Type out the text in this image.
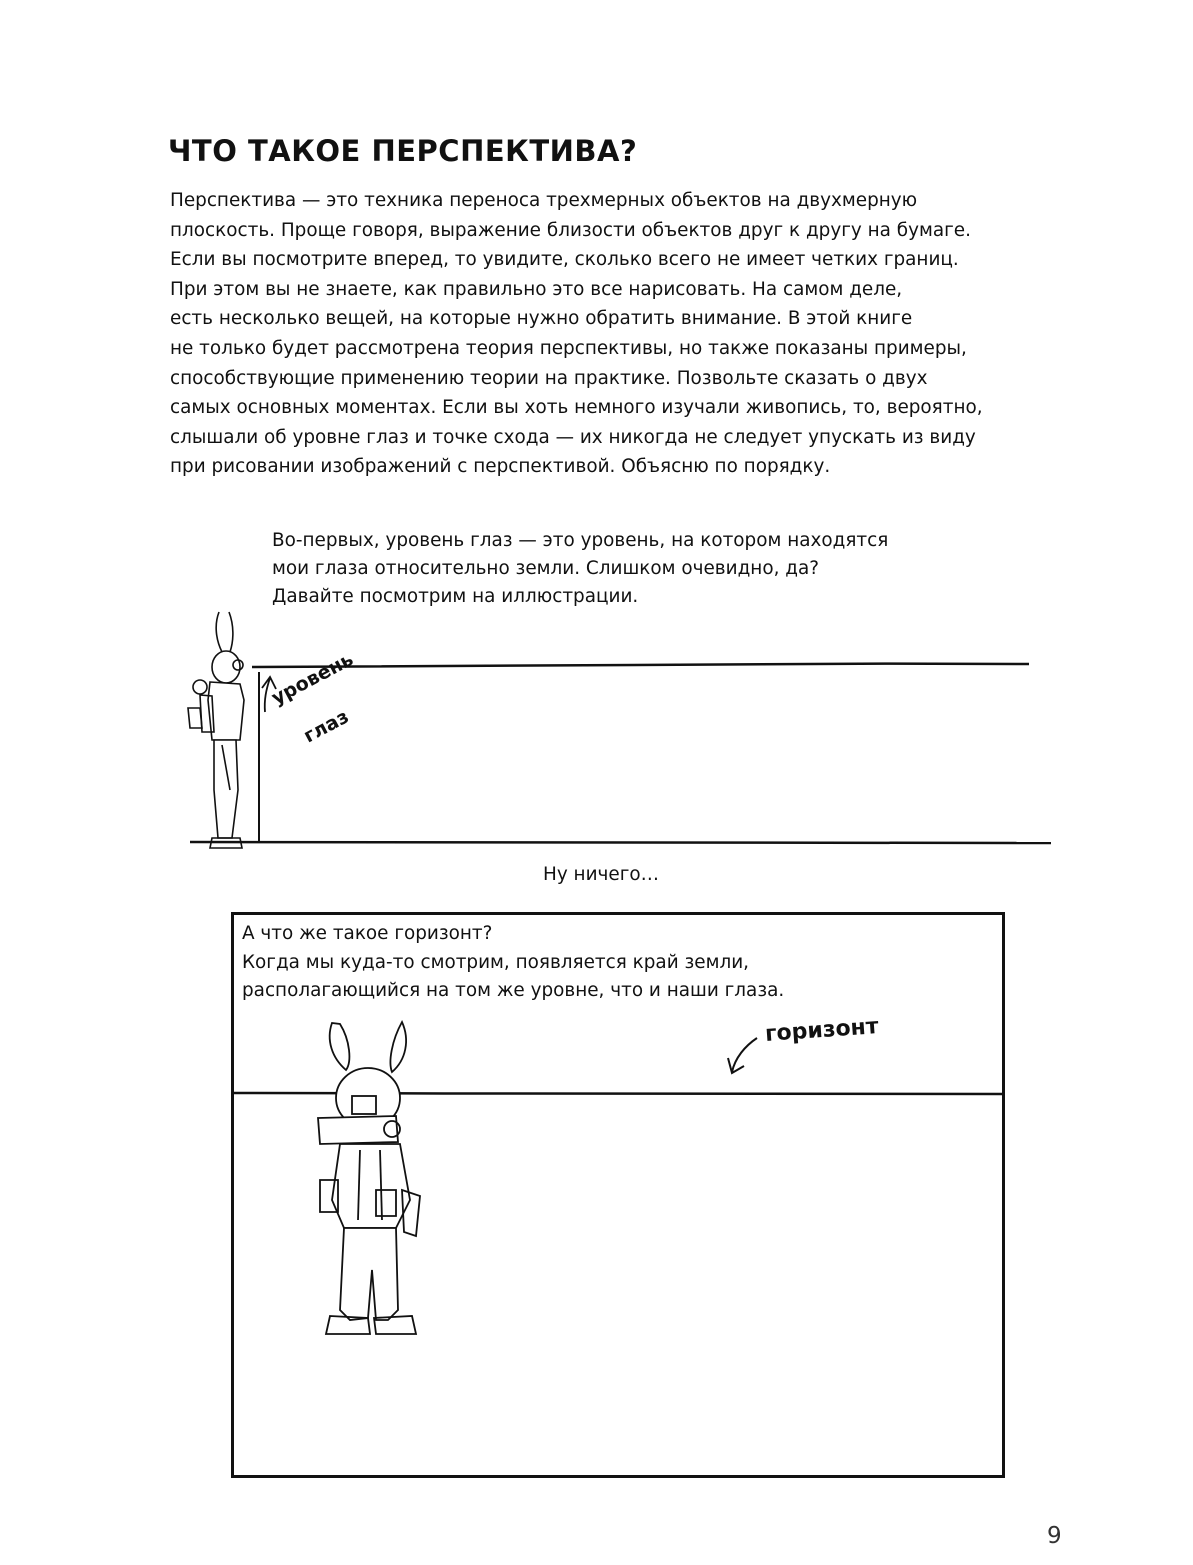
ЧТО ТАКОЕ ПЕРСПЕКТИВА?
Перспектива — это техника переноса трехмерных объектов на двухмерную
плоскость. Проще говоря, выражение близости объектов друг к другу на бумаге.
Если вы посмотрите вперед, то увидите, сколько всего не имеет четких границ.
При этом вы не знаете, как правильно это все нарисовать. На самом деле,
есть несколько вещей, на которые нужно обратить внимание. В этой книге
не только будет рассмотрена теория перспективы, но также показаны примеры,
способствующие применению теории на практике. Позвольте сказать о двух
самых основных моментах. Если вы хоть немного изучали живопись, то, вероятно,
слышали об уровне глаз и точке схода — их никогда не следует упускать из виду
при рисовании изображений с перспективой. Объясню по порядку.
Во-первых, уровень глаз — это уровень, на котором находятся
мои глаза относительно земли. Слишком очевидно, да?
Давайте посмотрим на иллюстрации.
уровень
глаз
Ну ничего…
А что же такое горизонт?
Когда мы куда-то смотрим, появляется край земли,
располагающийся на том же уровне, что и наши глаза.
горизонт
9
